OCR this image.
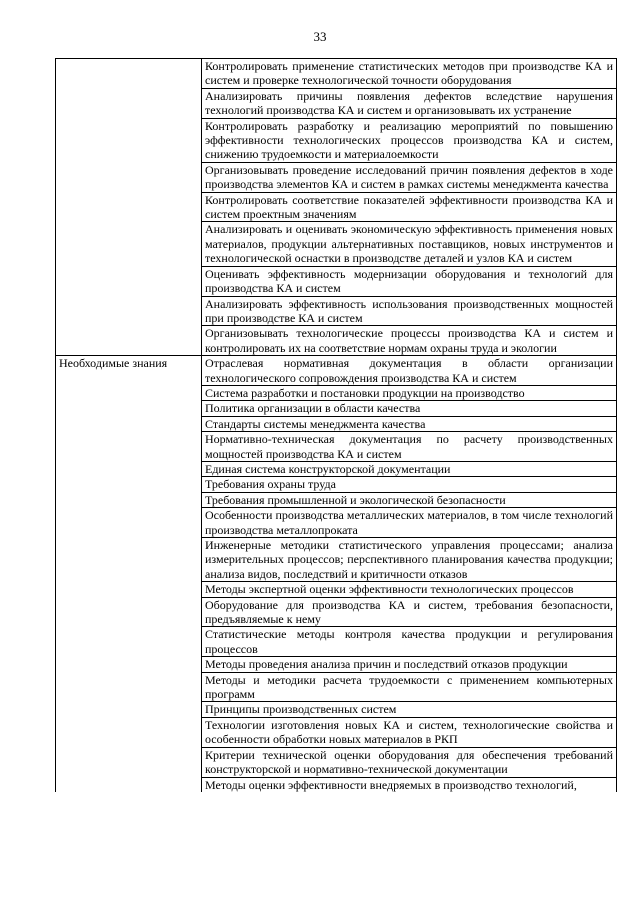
33
	Контролировать применение статистических методов при производстве КА и систем и проверке технологической точности оборудования
	Анализировать причины появления дефектов вследствие нарушения технологий производства КА и систем и организовывать их устранение
	Контролировать разработку и реализацию мероприятий по повышению эффективности технологических процессов производства КА и систем, снижению трудоемкости и материалоемкости
	Организовывать проведение исследований причин появления дефектов в ходе производства элементов КА и систем в рамках системы менеджмента качества
	Контролировать соответствие показателей эффективности производства КА и систем проектным значениям
	Анализировать и оценивать экономическую эффективность применения новых материалов, продукции альтернативных поставщиков, новых инструментов и технологической оснастки в производстве деталей и узлов КА и систем
	Оценивать эффективность модернизации оборудования и технологий для производства КА и систем
	Анализировать эффективность использования производственных мощностей при производстве КА и систем
	Организовывать технологические процессы производства КА и систем и контролировать их на соответствие нормам охраны труда и экологии
Необходимые знания	Отраслевая нормативная документация в области организации технологического сопровождения производства КА и систем
	Система разработки и постановки продукции на производство
	Политика организации в области качества
	Стандарты системы менеджмента качества
	Нормативно-техническая документация по расчету производственных мощностей производства КА и систем
	Единая система конструкторской документации
	Требования охраны труда
	Требования промышленной и экологической безопасности
	Особенности производства металлических материалов, в том числе технологий производства металлопроката
	Инженерные методики статистического управления процессами; анализа измерительных процессов; перспективного планирования качества продукции; анализа видов, последствий и критичности отказов
	Методы экспертной оценки эффективности технологических процессов
	Оборудование для производства КА и систем, требования безопасности, предъявляемые к нему
	Статистические методы контроля качества продукции и регулирования процессов
	Методы проведения анализа причин и последствий отказов продукции
	Методы и методики расчета трудоемкости с применением компьютерных программ
	Принципы производственных систем
	Технологии изготовления новых КА и систем, технологические свойства и особенности обработки новых материалов в РКП
	Критерии технической оценки оборудования для обеспечения требований конструкторской и нормативно-технической документации
	Методы оценки эффективности внедряемых в производство технологий,
